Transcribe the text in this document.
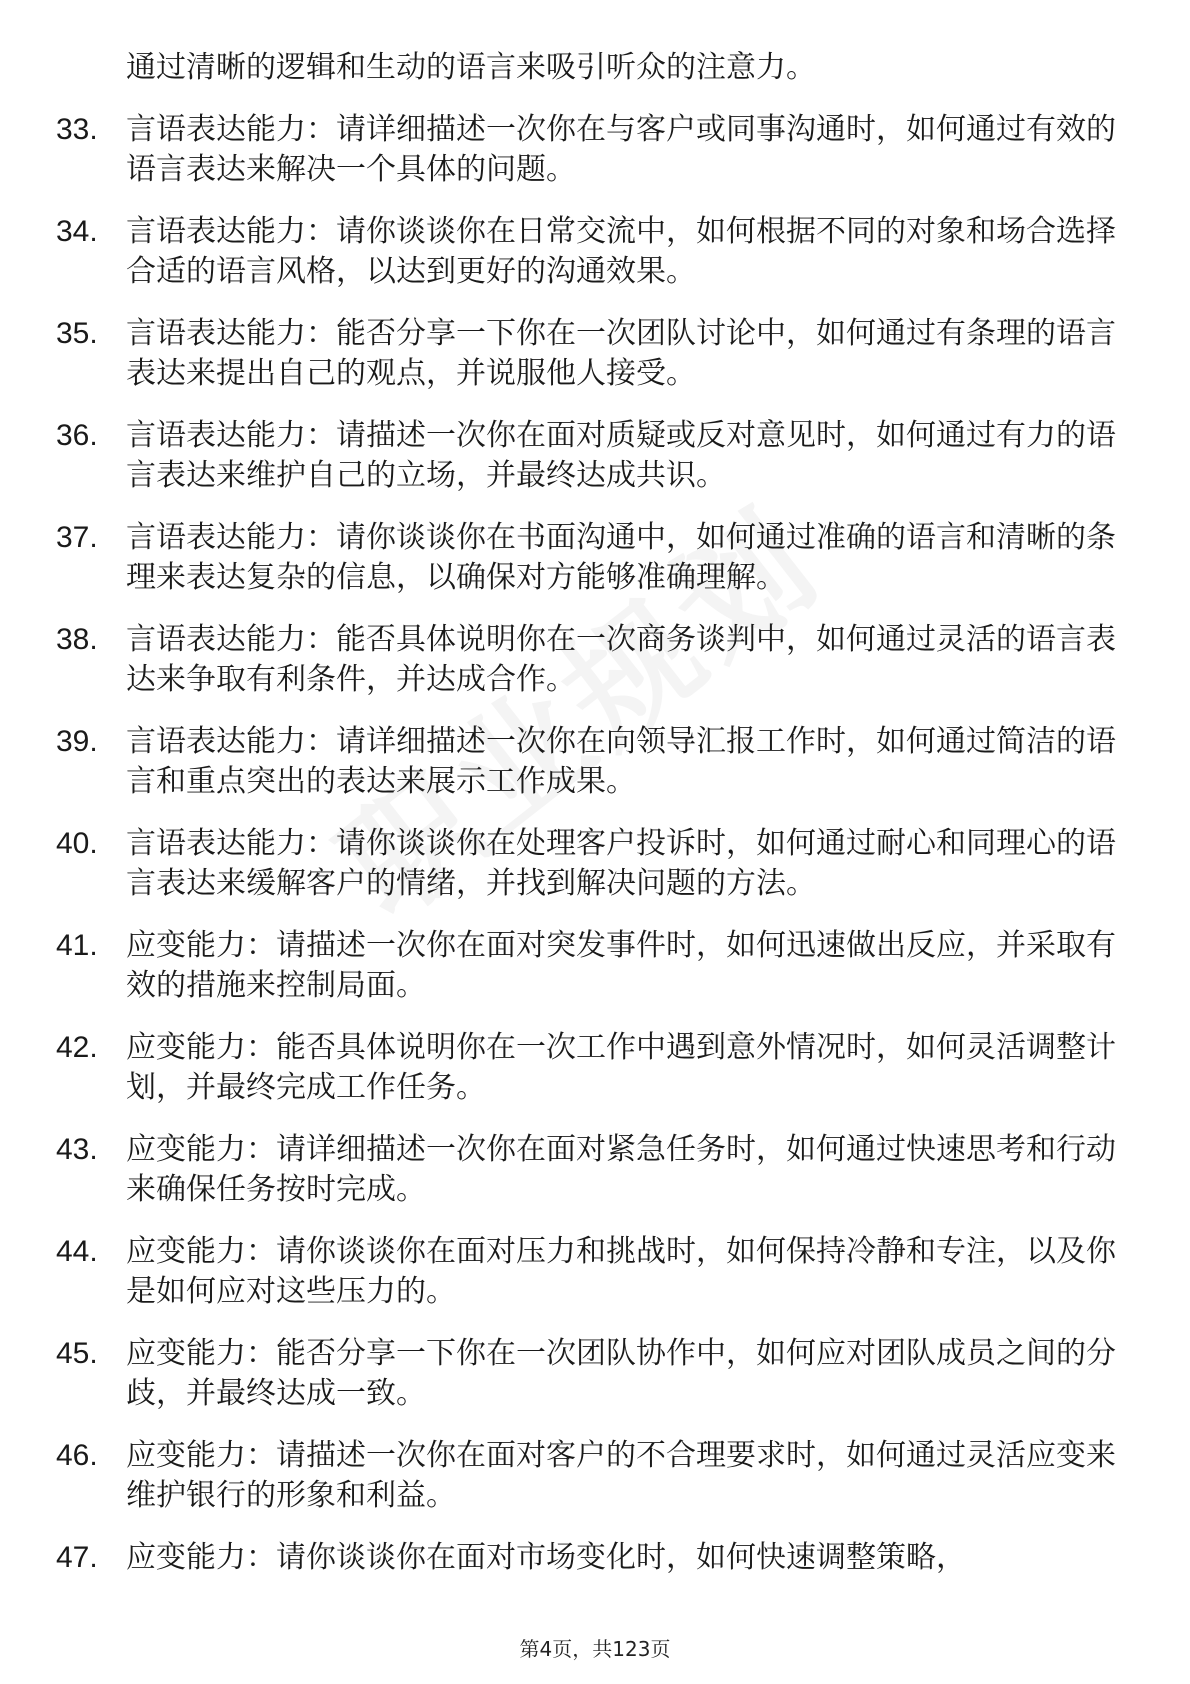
通过清晰的逻辑和生动的语言来吸引听众的注意力。
33. 言语表达能力：请详细描述一次你在与客户或同事沟通时，如何通过有效的语言表达来解决一个具体的问题。
34. 言语表达能力：请你谈谈你在日常交流中，如何根据不同的对象和场合选择合适的语言风格，以达到更好的沟通效果。
35. 言语表达能力：能否分享一下你在一次团队讨论中，如何通过有条理的语言表达来提出自己的观点，并说服他人接受。
36. 言语表达能力：请描述一次你在面对质疑或反对意见时，如何通过有力的语言表达来维护自己的立场，并最终达成共识。
37. 言语表达能力：请你谈谈你在书面沟通中，如何通过准确的语言和清晰的条理来表达复杂的信息，以确保对方能够准确理解。
38. 言语表达能力：能否具体说明你在一次商务谈判中，如何通过灵活的语言表达来争取有利条件，并达成合作。
39. 言语表达能力：请详细描述一次你在向领导汇报工作时，如何通过简洁的语言和重点突出的表达来展示工作成果。
40. 言语表达能力：请你谈谈你在处理客户投诉时，如何通过耐心和同理心的语言表达来缓解客户的情绪，并找到解决问题的方法。
41. 应变能力：请描述一次你在面对突发事件时，如何迅速做出反应，并采取有效的措施来控制局面。
42. 应变能力：能否具体说明你在一次工作中遇到意外情况时，如何灵活调整计划，并最终完成工作任务。
43. 应变能力：请详细描述一次你在面对紧急任务时，如何通过快速思考和行动来确保任务按时完成。
44. 应变能力：请你谈谈你在面对压力和挑战时，如何保持冷静和专注，以及你是如何应对这些压力的。
45. 应变能力：能否分享一下你在一次团队协作中，如何应对团队成员之间的分歧，并最终达成一致。
46. 应变能力：请描述一次你在面对客户的不合理要求时，如何通过灵活应变来维护银行的形象和利益。
47. 应变能力：请你谈谈你在面对市场变化时，如何快速调整策略，
第4页，共123页
